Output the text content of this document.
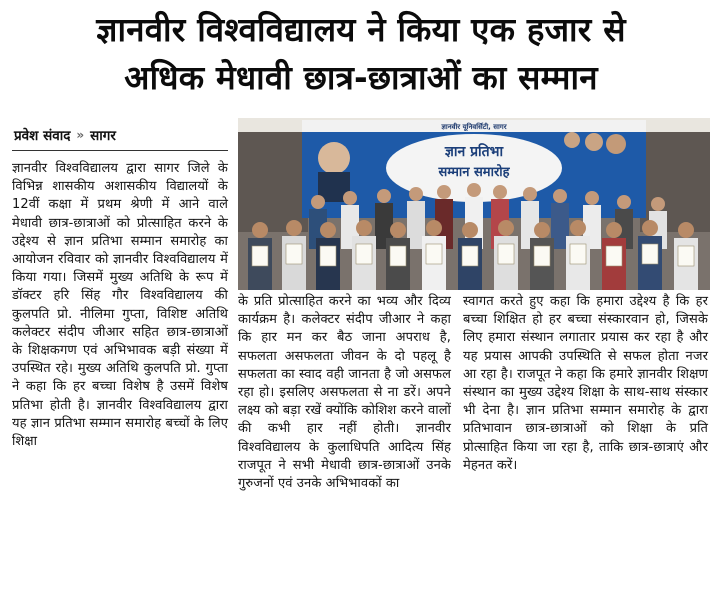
ज्ञानवीर विश्वविद्यालय ने किया एक हजार से
अधिक मेधावी छात्र-छात्राओं का सम्मान
प्रवेश संवाद » सागर
ज्ञानवीर यूनिवर्सिटी, सागर
ज्ञान प्रतिभा
सम्मान समारोह

ज्ञानवीर विश्वविद्यालय द्वारा सागर जिले के विभिन्न शासकीय अशासकीय विद्यालयों के 12वीं कक्षा में प्रथम श्रेणी में आने वाले मेधावी छात्र-छात्राओं को प्रोत्साहित करने के उद्देश्य से ज्ञान प्रतिभा सम्मान समारोह का आयोजन रविवार को ज्ञानवीर विश्वविद्यालय में किया गया। जिसमें मुख्य अतिथि के रूप में डॉक्टर हरि सिंह गौर विश्वविद्यालय की कुलपति प्रो. नीलिमा गुप्ता, विशिष्ट अतिथि कलेक्टर संदीप जीआर सहित छात्र-छात्राओं के शिक्षकगण एवं अभिभावक बड़ी संख्या में उपस्थित रहे। मुख्य अतिथि कुलपति प्रो. गुप्ता ने कहा कि हर बच्चा विशेष है उसमें विशेष प्रतिभा होती है। ज्ञानवीर विश्वविद्यालय द्वारा यह ज्ञान प्रतिभा सम्मान समारोह बच्चों के लिए शिक्षा

के प्रति प्रोत्साहित करने का भव्य और दिव्य कार्यक्रम है। कलेक्टर संदीप जीआर ने कहा कि हार मन कर बैठ जाना अपराध है, सफलता असफलता जीवन के दो पहलू है सफलता का स्वाद वही जानता है जो असफल रहा हो। इसलिए असफलता से ना डरें। अपने लक्ष्य को बड़ा रखें क्योंकि कोशिश करने वालों की कभी हार नहीं होती। ज्ञानवीर विश्वविद्यालय के कुलाधिपति आदित्य सिंह राजपूत ने सभी मेधावी छात्र-छात्राओं उनके गुरुजनों एवं उनके अभिभावकों का

स्वागत करते हुए कहा कि हमारा उद्देश्य है कि हर बच्चा शिक्षित हो हर बच्चा संस्कारवान हो, जिसके लिए हमारा संस्थान लगातार प्रयास कर रहा है और यह प्रयास आपकी उपस्थिति से सफल होता नजर आ रहा है। राजपूत ने कहा कि हमारे ज्ञानवीर शिक्षण संस्थान का मुख्य उद्देश्य शिक्षा के साथ-साथ संस्कार भी देना है। ज्ञान प्रतिभा सम्मान समारोह के द्वारा प्रतिभावान छात्र-छात्राओं को शिक्षा के प्रति प्रोत्साहित किया जा रहा है, ताकि छात्र-छात्राएं और मेहनत करें।
